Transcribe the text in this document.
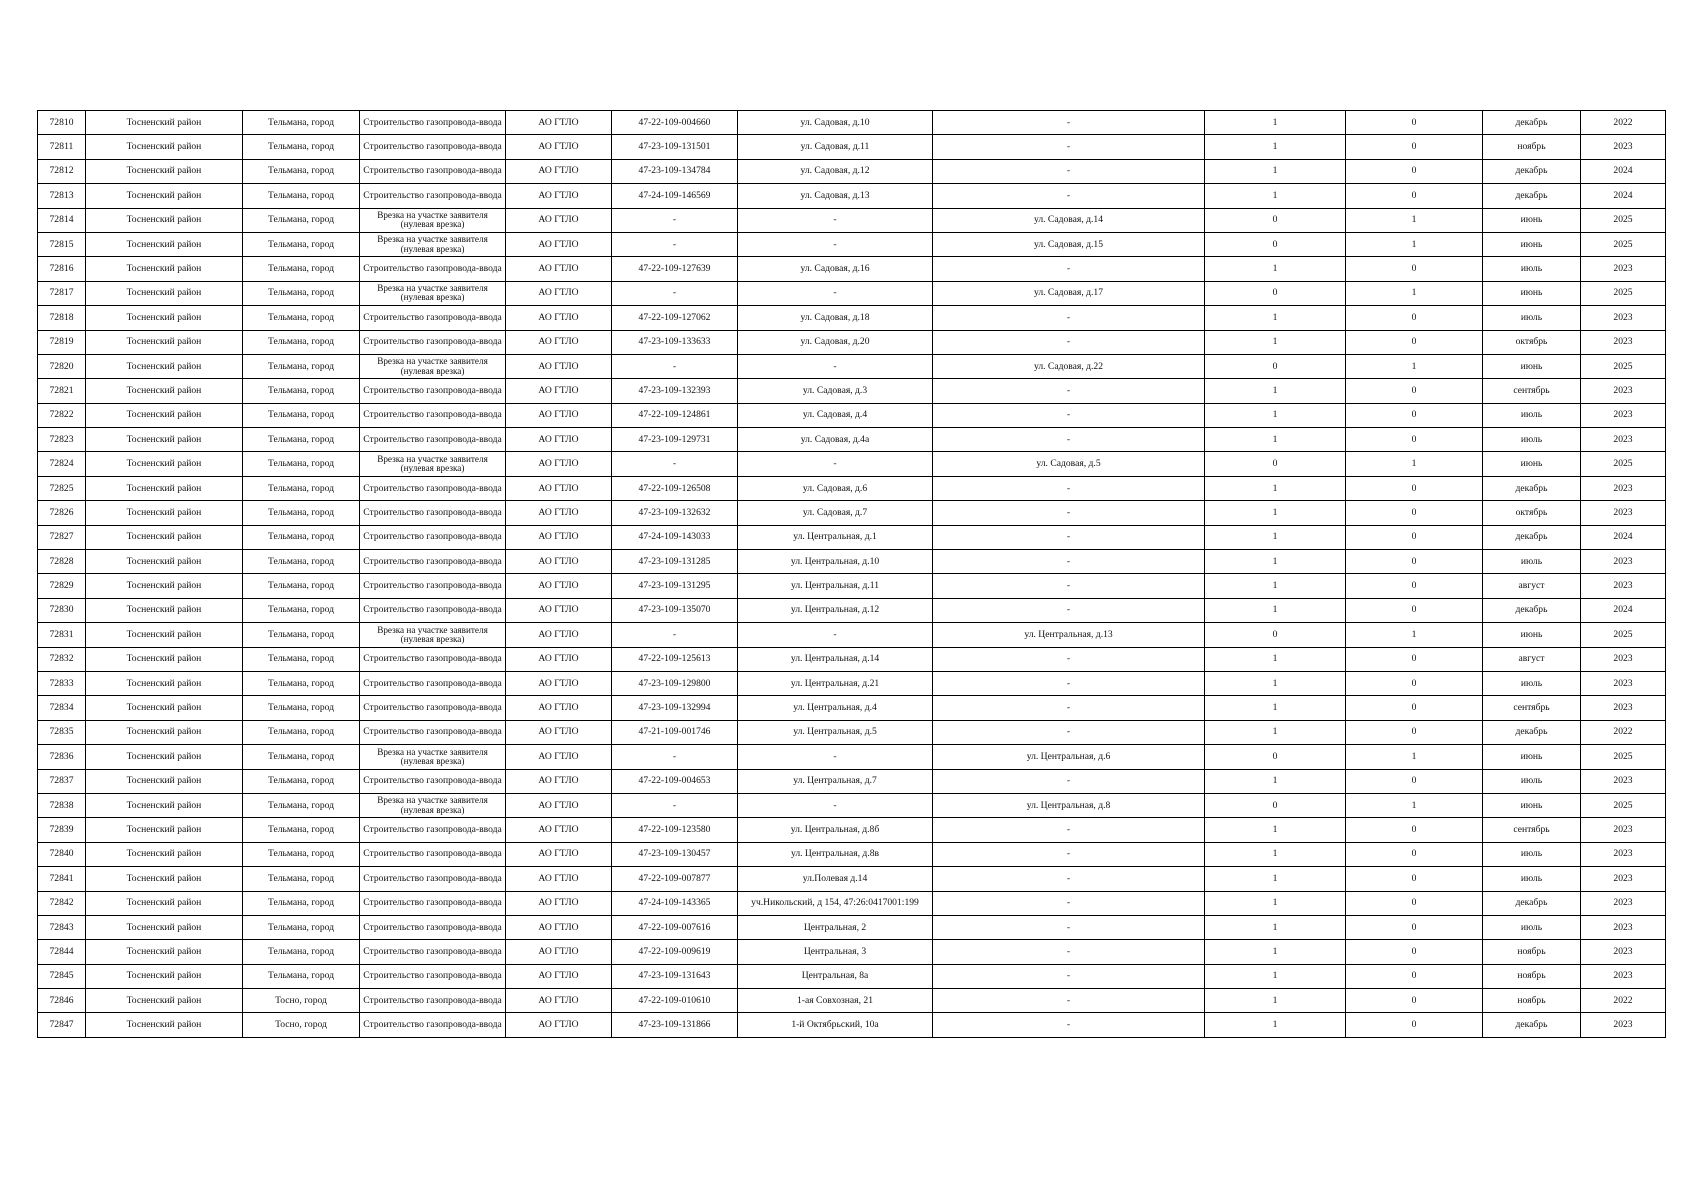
72810	Тосненский район	Тельмана, город	Строительство газопровода-ввода	АО ГТЛО	47-22-109-004660	ул. Садовая, д.10	-	1	0	декабрь	2022
72811	Тосненский район	Тельмана, город	Строительство газопровода-ввода	АО ГТЛО	47-23-109-131501	ул. Садовая, д.11	-	1	0	ноябрь	2023
72812	Тосненский район	Тельмана, город	Строительство газопровода-ввода	АО ГТЛО	47-23-109-134784	ул. Садовая, д.12	-	1	0	декабрь	2024
72813	Тосненский район	Тельмана, город	Строительство газопровода-ввода	АО ГТЛО	47-24-109-146569	ул. Садовая, д.13	-	1	0	декабрь	2024
72814	Тосненский район	Тельмана, город	Врезка на участке заявителя (нулевая врезка)	АО ГТЛО	-	-	ул. Садовая, д.14	0	1	июнь	2025
72815	Тосненский район	Тельмана, город	Врезка на участке заявителя (нулевая врезка)	АО ГТЛО	-	-	ул. Садовая, д.15	0	1	июнь	2025
72816	Тосненский район	Тельмана, город	Строительство газопровода-ввода	АО ГТЛО	47-22-109-127639	ул. Садовая, д.16	-	1	0	июль	2023
72817	Тосненский район	Тельмана, город	Врезка на участке заявителя (нулевая врезка)	АО ГТЛО	-	-	ул. Садовая, д.17	0	1	июнь	2025
72818	Тосненский район	Тельмана, город	Строительство газопровода-ввода	АО ГТЛО	47-22-109-127062	ул. Садовая, д.18	-	1	0	июль	2023
72819	Тосненский район	Тельмана, город	Строительство газопровода-ввода	АО ГТЛО	47-23-109-133633	ул. Садовая, д.20	-	1	0	октябрь	2023
72820	Тосненский район	Тельмана, город	Врезка на участке заявителя (нулевая врезка)	АО ГТЛО	-	-	ул. Садовая, д.22	0	1	июнь	2025
72821	Тосненский район	Тельмана, город	Строительство газопровода-ввода	АО ГТЛО	47-23-109-132393	ул. Садовая, д.3	-	1	0	сентябрь	2023
72822	Тосненский район	Тельмана, город	Строительство газопровода-ввода	АО ГТЛО	47-22-109-124861	ул. Садовая, д.4	-	1	0	июль	2023
72823	Тосненский район	Тельмана, город	Строительство газопровода-ввода	АО ГТЛО	47-23-109-129731	ул. Садовая, д.4а	-	1	0	июль	2023
72824	Тосненский район	Тельмана, город	Врезка на участке заявителя (нулевая врезка)	АО ГТЛО	-	-	ул. Садовая, д.5	0	1	июнь	2025
72825	Тосненский район	Тельмана, город	Строительство газопровода-ввода	АО ГТЛО	47-22-109-126508	ул. Садовая, д.6	-	1	0	декабрь	2023
72826	Тосненский район	Тельмана, город	Строительство газопровода-ввода	АО ГТЛО	47-23-109-132632	ул. Садовая, д.7	-	1	0	октябрь	2023
72827	Тосненский район	Тельмана, город	Строительство газопровода-ввода	АО ГТЛО	47-24-109-143033	ул. Центральная, д.1	-	1	0	декабрь	2024
72828	Тосненский район	Тельмана, город	Строительство газопровода-ввода	АО ГТЛО	47-23-109-131285	ул. Центральная, д.10	-	1	0	июль	2023
72829	Тосненский район	Тельмана, город	Строительство газопровода-ввода	АО ГТЛО	47-23-109-131295	ул. Центральная, д.11	-	1	0	август	2023
72830	Тосненский район	Тельмана, город	Строительство газопровода-ввода	АО ГТЛО	47-23-109-135070	ул. Центральная, д.12	-	1	0	декабрь	2024
72831	Тосненский район	Тельмана, город	Врезка на участке заявителя (нулевая врезка)	АО ГТЛО	-	-	ул. Центральная, д.13	0	1	июнь	2025
72832	Тосненский район	Тельмана, город	Строительство газопровода-ввода	АО ГТЛО	47-22-109-125613	ул. Центральная, д.14	-	1	0	август	2023
72833	Тосненский район	Тельмана, город	Строительство газопровода-ввода	АО ГТЛО	47-23-109-129800	ул. Центральная, д.21	-	1	0	июль	2023
72834	Тосненский район	Тельмана, город	Строительство газопровода-ввода	АО ГТЛО	47-23-109-132994	ул. Центральная, д.4	-	1	0	сентябрь	2023
72835	Тосненский район	Тельмана, город	Строительство газопровода-ввода	АО ГТЛО	47-21-109-001746	ул. Центральная, д.5	-	1	0	декабрь	2022
72836	Тосненский район	Тельмана, город	Врезка на участке заявителя (нулевая врезка)	АО ГТЛО	-	-	ул. Центральная, д.6	0	1	июнь	2025
72837	Тосненский район	Тельмана, город	Строительство газопровода-ввода	АО ГТЛО	47-22-109-004653	ул. Центральная, д.7	-	1	0	июль	2023
72838	Тосненский район	Тельмана, город	Врезка на участке заявителя (нулевая врезка)	АО ГТЛО	-	-	ул. Центральная, д.8	0	1	июнь	2025
72839	Тосненский район	Тельмана, город	Строительство газопровода-ввода	АО ГТЛО	47-22-109-123580	ул. Центральная, д.8б	-	1	0	сентябрь	2023
72840	Тосненский район	Тельмана, город	Строительство газопровода-ввода	АО ГТЛО	47-23-109-130457	ул. Центральная, д.8в	-	1	0	июль	2023
72841	Тосненский район	Тельмана, город	Строительство газопровода-ввода	АО ГТЛО	47-22-109-007877	ул.Полевая д.14	-	1	0	июль	2023
72842	Тосненский район	Тельмана, город	Строительство газопровода-ввода	АО ГТЛО	47-24-109-143365	уч.Никольский, д 154, 47:26:0417001:199	-	1	0	декабрь	2023
72843	Тосненский район	Тельмана, город	Строительство газопровода-ввода	АО ГТЛО	47-22-109-007616	Центральная, 2	-	1	0	июль	2023
72844	Тосненский район	Тельмана, город	Строительство газопровода-ввода	АО ГТЛО	47-22-109-009619	Центральная, 3	-	1	0	ноябрь	2023
72845	Тосненский район	Тельмана, город	Строительство газопровода-ввода	АО ГТЛО	47-23-109-131643	Центральная, 8а	-	1	0	ноябрь	2023
72846	Тосненский район	Тосно, город	Строительство газопровода-ввода	АО ГТЛО	47-22-109-010610	1-ая Совхозная, 21	-	1	0	ноябрь	2022
72847	Тосненский район	Тосно, город	Строительство газопровода-ввода	АО ГТЛО	47-23-109-131866	1-й Октябрьский, 10а	-	1	0	декабрь	2023
